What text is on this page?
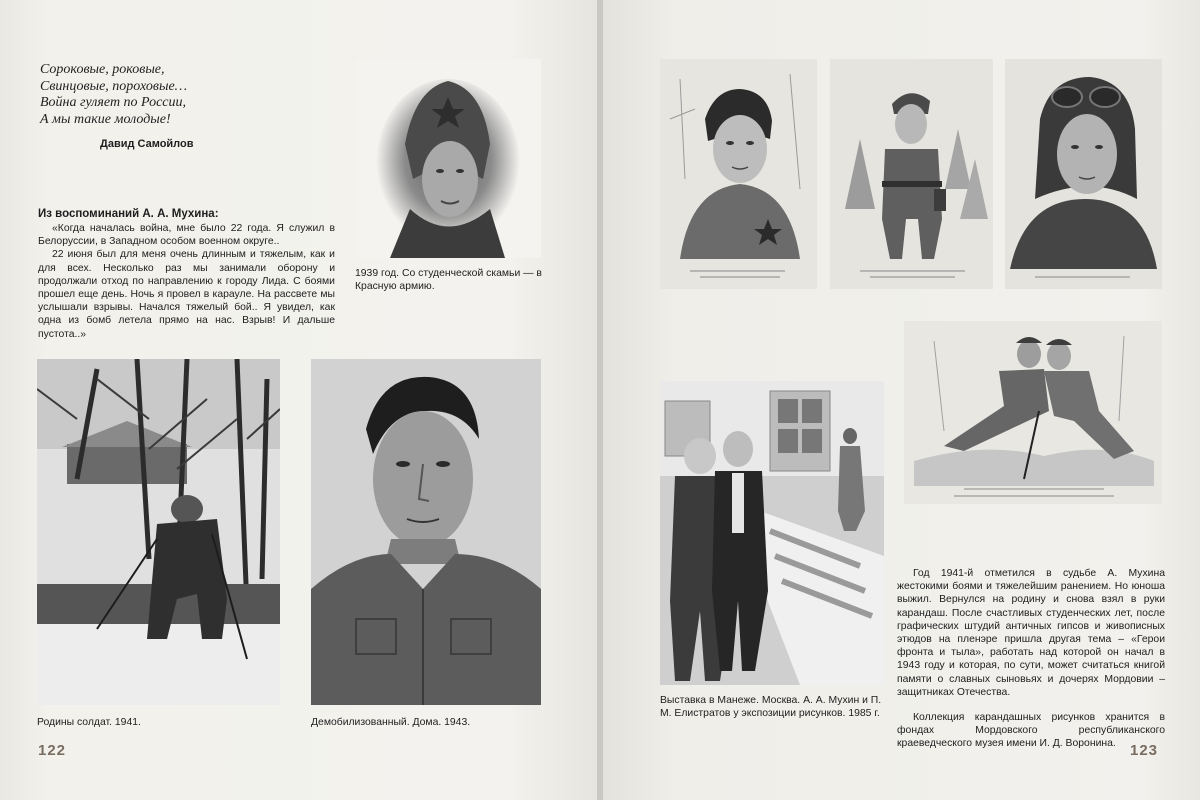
Сороковые, роковые,
Свинцовые, пороховые…
Война гуляет по России,
А мы такие молодые!
Давид Самойлов
Из воспоминаний А. А. Мухина:

«Когда началась война, мне было 22 года. Я служил в Белоруссии, в Западном особом военном округе..

22 июня был для меня очень длинным и тяжелым, как и для всех. Несколько раз мы занимали оборону и продолжали отход по направлению к городу Лида. С боями прошел еще день. Ночь я провел в карауле. На рассвете мы услышали взрывы. Начался тяжелый бой.. Я увидел, как одна из бомб летела прямо на нас. Взрыв! И дальше пустота..»

1939 год. Со студенческой скамьи — в Красную армию.
Родины солдат. 1941.	Демобилизованный. Дома. 1943.
122
Выставка в Манеже. Москва. А. А. Мухин и П. М. Елистратов у экспозиции рисунков. 1985 г.

Год 1941-й отметился в судьбе А. Мухина жестокими боями и тяжелейшим ранением. Но юноша выжил. Вернулся на родину и снова взял в руки карандаш. После счастливых студенческих лет, после графических штудий античных гипсов и живописных этюдов на пленэре пришла другая тема – «Герои фронта и тыла», работать над которой он начал в 1943 году и которая, по сути, может считаться книгой памяти о славных сыновьях и дочерях Мордовии – защитниках Отечества.

Коллекция карандашных рисунков хранится в фондах Мордовского республиканского краеведческого музея имени И. Д. Воронина. 123
